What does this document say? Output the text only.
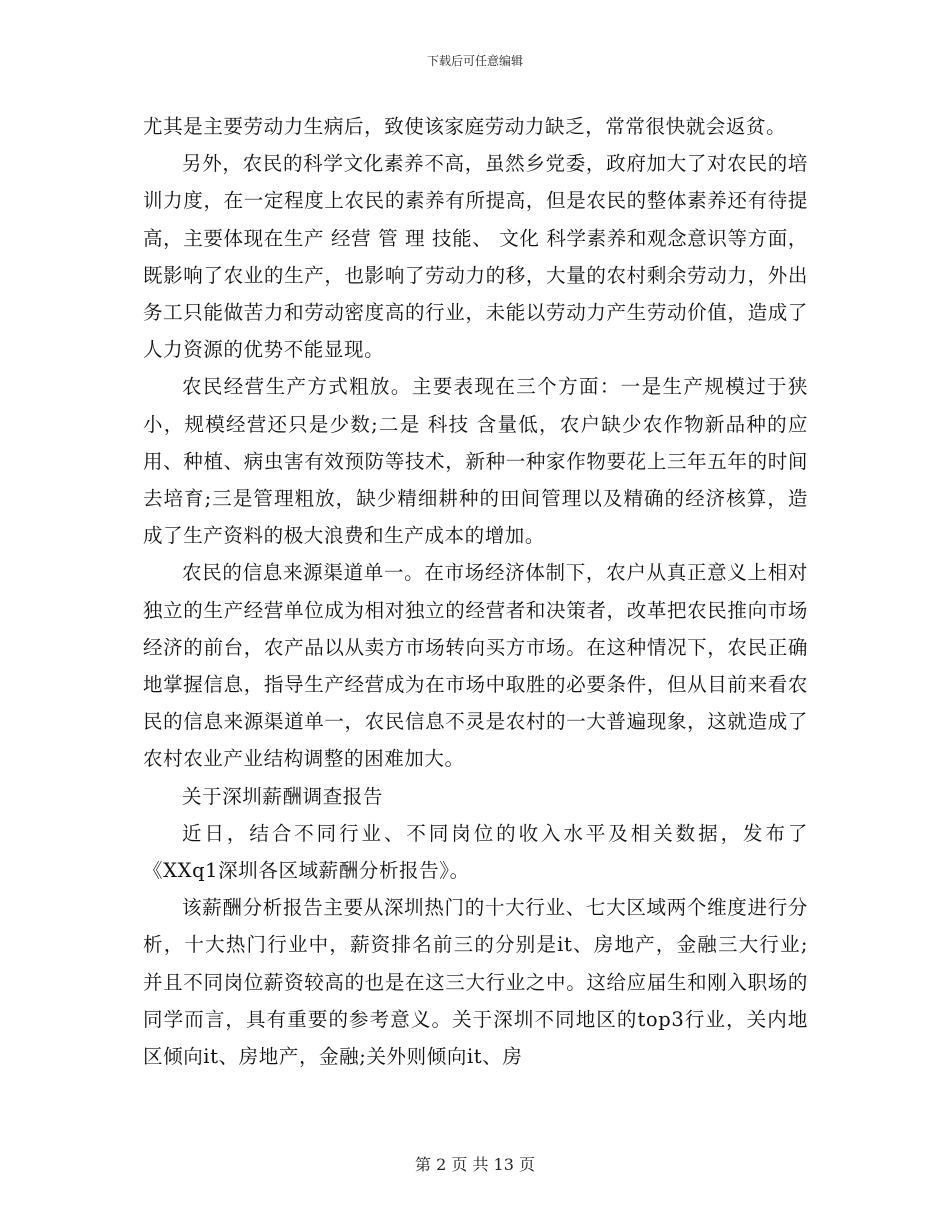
下载后可任意编辑

尤其是主要劳动力生病后，致使该家庭劳动力缺乏，常常很快就会返贫。

另外，农民的科学文化素养不高，虽然乡党委，政府加大了对农民的培训力度，在一定程度上农民的素养有所提高，但是农民的整体素养还有待提高，主要体现在生产 经营 管 理 技能、 文化 科学素养和观念意识等方面，既影响了农业的生产，也影响了劳动力的移，大量的农村剩余劳动力，外出务工只能做苦力和劳动密度高的行业，未能以劳动力产生劳动价值，造成了人力资源的优势不能显现。

农民经营生产方式粗放。主要表现在三个方面：一是生产规模过于狭小，规模经营还只是少数;二是 科技 含量低，农户缺少农作物新品种的应用、种植、病虫害有效预防等技术，新种一种家作物要花上三年五年的时间去培育;三是管理粗放，缺少精细耕种的田间管理以及精确的经济核算，造成了生产资料的极大浪费和生产成本的增加。

农民的信息来源渠道单一。在市场经济体制下，农户从真正意义上相对独立的生产经营单位成为相对独立的经营者和决策者，改革把农民推向市场经济的前台，农产品以从卖方市场转向买方市场。在这种情况下，农民正确地掌握信息，指导生产经营成为在市场中取胜的必要条件，但从目前来看农民的信息来源渠道单一，农民信息不灵是农村的一大普遍现象，这就造成了农村农业产业结构调整的困难加大。

关于深圳薪酬调查报告

近日，结合不同行业、不同岗位的收入水平及相关数据，发布了《XXq1深圳各区域薪酬分析报告》。

该薪酬分析报告主要从深圳热门的十大行业、七大区域两个维度进行分析，十大热门行业中，薪资排名前三的分别是it、房地产，金融三大行业;并且不同岗位薪资较高的也是在这三大行业之中。这给应届生和刚入职场的同学而言，具有重要的参考意义。关于深圳不同地区的top3行业，关内地区倾向it、房地产，金融;关外则倾向it、房

第 2 页 共 13 页
